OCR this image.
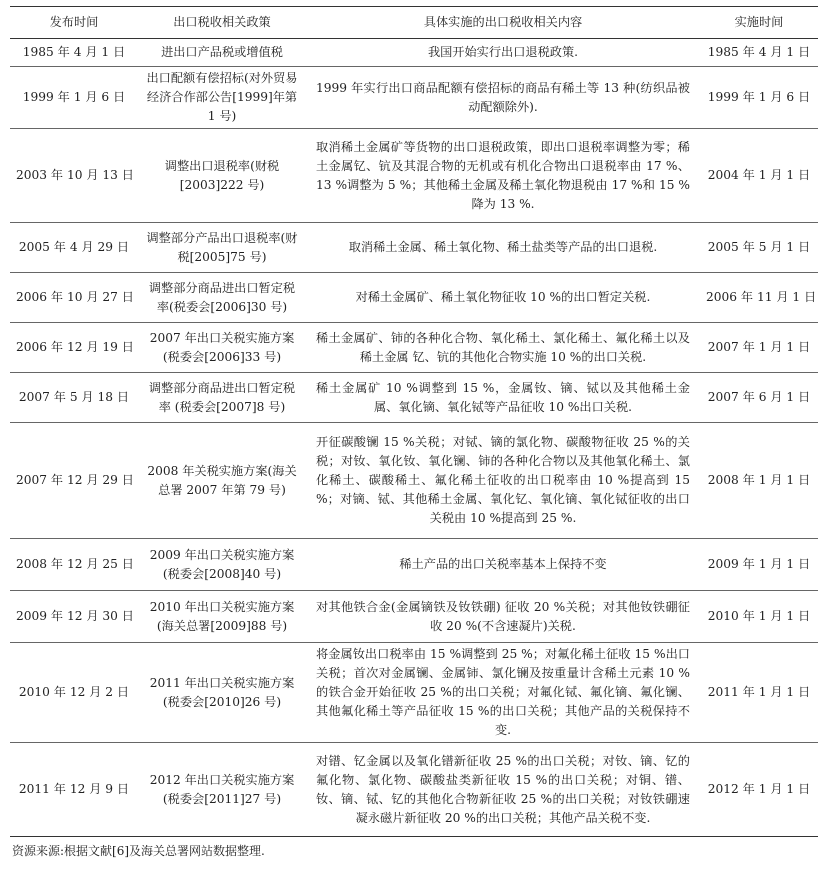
发布时间	出口税收相关政策	具体实施的出口税收相关内容	实施时间
1985 年 4 月 1 日	进出口产品税或增值税	我国开始实行出口退税政策.	1985 年 4 月 1 日
1999 年 1 月 6 日	出口配额有偿招标(对外贸易经济合作部公告[1999]年第 1 号)	1999 年实行出口商品配额有偿招标的商品有稀土等 13 种(纺织品被动配额除外).	1999 年 1 月 6 日
2003 年 10 月 13 日	调整出口退税率(财税[2003]222 号)	取消稀土金属矿等货物的出口退税政策，即出口退税率调整为零；稀土金属钇、钪及其混合物的无机或有机化合物出口退税率由 17 %、13 %调整为 5 %；其他稀土金属及稀土氧化物退税由 17 %和 15 %降为 13 %.	2004 年 1 月 1 日
2005 年 4 月 29 日	调整部分产品出口退税率(财税[2005]75 号)	取消稀土金属、稀土氧化物、稀土盐类等产品的出口退税.	2005 年 5 月 1 日
2006 年 10 月 27 日	调整部分商品进出口暂定税率(税委会[2006]30 号)	对稀土金属矿、稀土氧化物征收 10 %的出口暂定关税.	2006 年 11 月 1 日
2006 年 12 月 19 日	2007 年出口关税实施方案(税委会[2006]33 号)	稀土金属矿、铈的各种化合物、氧化稀土、氯化稀土、氟化稀土以及稀土金属 钇、钪的其他化合物实施 10 %的出口关税.	2007 年 1 月 1 日
2007 年 5 月 18 日	调整部分商品进出口暂定税率 (税委会[2007]8 号)	稀土金属矿 10 %调整到 15 %，金属钕、镝、铽以及其他稀土金属、氧化镝、氧化铽等产品征收 10 %出口关税.	2007 年 6 月 1 日
2007 年 12 月 29 日	2008 年关税实施方案(海关总署 2007 年第 79 号)	开征碳酸镧 15 %关税；对铽、镝的氯化物、碳酸物征收 25 %的关税；对钕、氧化钕、氧化镧、铈的各种化合物以及其他氧化稀土、氯化稀土、碳酸稀土、氟化稀土征收的出口税率由 10 %提高到 15 %；对镝、铽、其他稀土金属、氧化钇、氧化镝、氧化铽征收的出口关税由 10 %提高到 25 %.	2008 年 1 月 1 日
2008 年 12 月 25 日	2009 年出口关税实施方案(税委会[2008]40 号)	稀土产品的出口关税率基本上保持不变	2009 年 1 月 1 日
2009 年 12 月 30 日	2010 年出口关税实施方案(海关总署[2009]88 号)	对其他铁合金(金属镝铁及钕铁硼) 征收 20 %关税；对其他钕铁硼征收 20 %(不含速凝片)关税.	2010 年 1 月 1 日
2010 年 12 月 2 日	2011 年出口关税实施方案(税委会[2010]26 号)	将金属钕出口税率由 15 %调整到 25 %；对氟化稀土征收 15 %出口关税；首次对金属镧、金属铈、氯化镧及按重量计含稀土元素 10 %的铁合金开始征收 25 %的出口关税；对氟化铽、氟化镝、氟化镧、其他氟化稀土等产品征收 15 %的出口关税；其他产品的关税保持不变.	2011 年 1 月 1 日
2011 年 12 月 9 日	2012 年出口关税实施方案(税委会[2011]27 号)	对镨、钇金属以及氧化镨新征收 25 %的出口关税；对钕、镝、钇的氟化物、氯化物、碳酸盐类新征收 15 %的出口关税；对铜、镨、钕、镝、铽、钇的其他化合物新征收 25 %的出口关税；对钕铁硼速凝永磁片新征收 20 %的出口关税；其他产品关税不变.	2012 年 1 月 1 日
资源来源:根据文献[6]及海关总署网站数据整理.
